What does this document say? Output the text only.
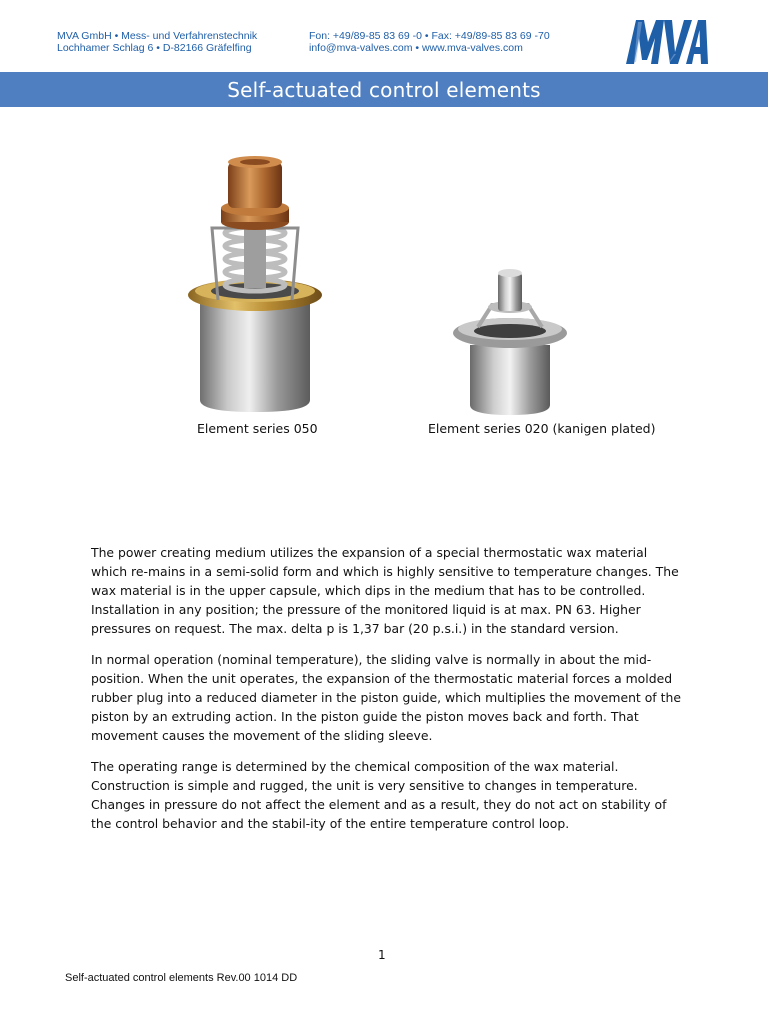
MVA GmbH • Mess- und Verfahrenstechnik
Lochhamer Schlag 6 • D-82166 Gräfelfing
Fon: +49/89-85 83 69 -0 • Fax: +49/89-85 83 69 -70
info@mva-valves.com • www.mva-valves.com
Self-actuated control elements
Element series 050	Element series 020 (kanigen plated)

The power creating medium utilizes the expansion of a special thermostatic wax material which re-mains in a semi-solid form and which is highly sensitive to temperature changes. The wax material is in the upper capsule, which dips in the medium that has to be controlled. Installation in any position; the pressure of the monitored liquid is at max. PN 63. Higher pressures on request. The max. delta p is 1,37 bar (20 p.s.i.) in the standard version.

In normal operation (nominal temperature), the sliding valve is normally in about the mid-position. When the unit operates, the expansion of the thermostatic material forces a molded rubber plug into a reduced diameter in the piston guide, which multiplies the movement of the piston by an extruding action. In the piston guide the piston moves back and forth. That movement causes the movement of the sliding sleeve.

The operating range is determined by the chemical composition of the wax material. Construction is simple and rugged, the unit is very sensitive to changes in temperature. Changes in pressure do not affect the element and as a result, they do not act on stability of the control behavior and the stabil-ity of the entire temperature control loop.

1
Self-actuated control elements Rev.00 1014 DD
